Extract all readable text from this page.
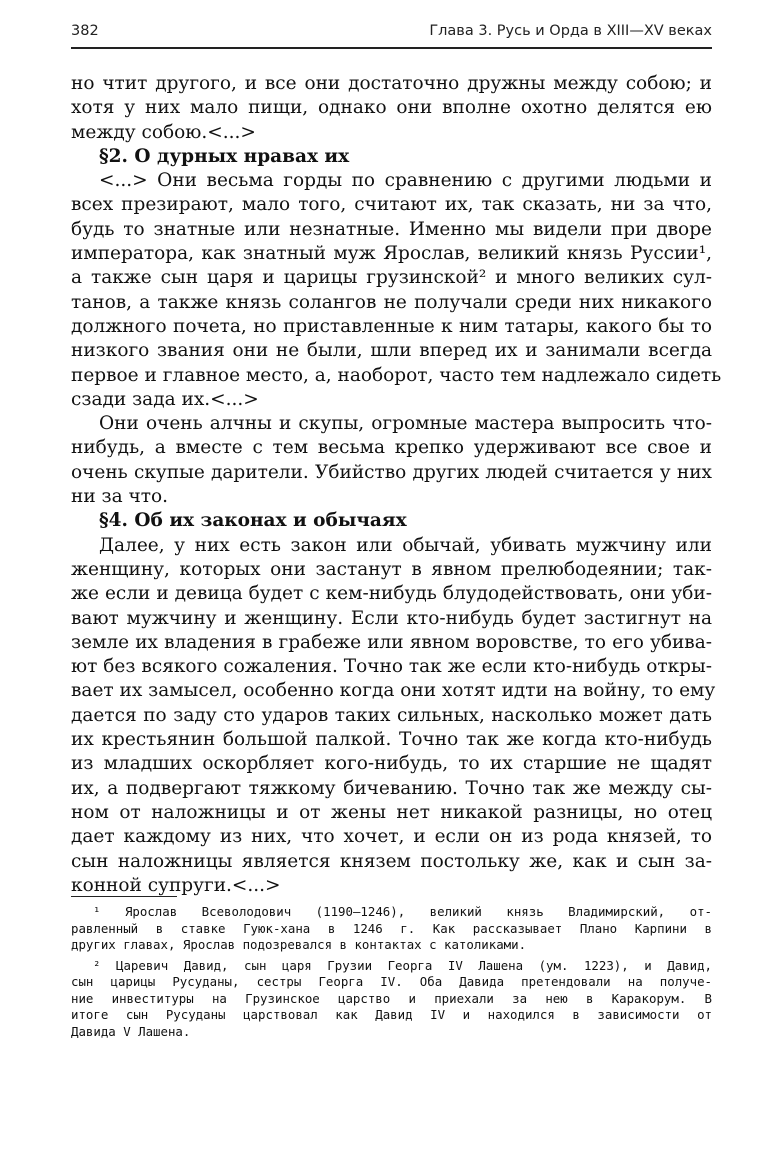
382	Глава 3. Русь и Орда в XIII—XV веках
но чтит другого, и все они достаточно дружны между собою; и
хотя у них мало пищи, однако они вполне охотно делятся ею
между собою.<...>
§2. О дурных нравах их
<...> Они весьма горды по сравнению с другими людьми и
всех презирают, мало того, считают их, так сказать, ни за что,
будь то знатные или незнатные. Именно мы видели при дворе
императора, как знатный муж Ярослав, великий князь Руссии¹,
а также сын царя и царицы грузинской² и много великих сул-
танов, а также князь солангов не получали среди них никакого
должного почета, но приставленные к ним татары, какого бы то
низкого звания они не были, шли вперед их и занимали всегда
первое и главное место, а, наоборот, часто тем надлежало сидеть
сзади зада их.<...>
Они очень алчны и скупы, огромные мастера выпросить что-
нибудь, а вместе с тем весьма крепко удерживают все свое и
очень скупые дарители. Убийство других людей считается у них
ни за что.
§4. Об их законах и обычаях
Далее, у них есть закон или обычай, убивать мужчину или
женщину, которых они застанут в явном прелюбодеянии; так-
же если и девица будет с кем-нибудь блудодействовать, они уби-
вают мужчину и женщину. Если кто-нибудь будет застигнут на
земле их владения в грабеже или явном воровстве, то его убива-
ют без всякого сожаления. Точно так же если кто-нибудь откры-
вает их замысел, особенно когда они хотят идти на войну, то ему
дается по заду сто ударов таких сильных, насколько может дать
их крестьянин большой палкой. Точно так же когда кто-нибудь
из младших оскорбляет кого-нибудь, то их старшие не щадят
их, а подвергают тяжкому бичеванию. Точно так же между сы-
ном от наложницы и от жены нет никакой разницы, но отец
дает каждому из них, что хочет, и если он из рода князей, то
сын наложницы является князем постольку же, как и сын за-
конной супруги.<...>
¹ Ярослав Всеволодович (1190—1246), великий князь Владимирский, от-
равленный в ставке Гуюк-хана в 1246 г. Как рассказывает Плано Карпини в
других главах, Ярослав подозревался в контактах с католиками.
² Царевич Давид, сын царя Грузии Георга IV Лашена (ум. 1223), и Давид,
сын царицы Русуданы, сестры Георга IV. Оба Давида претендовали на получе-
ние инвеституры на Грузинское царство и приехали за нею в Каракорум. В
итоге сын Русуданы царствовал как Давид IV и находился в зависимости от
Давида V Лашена.
